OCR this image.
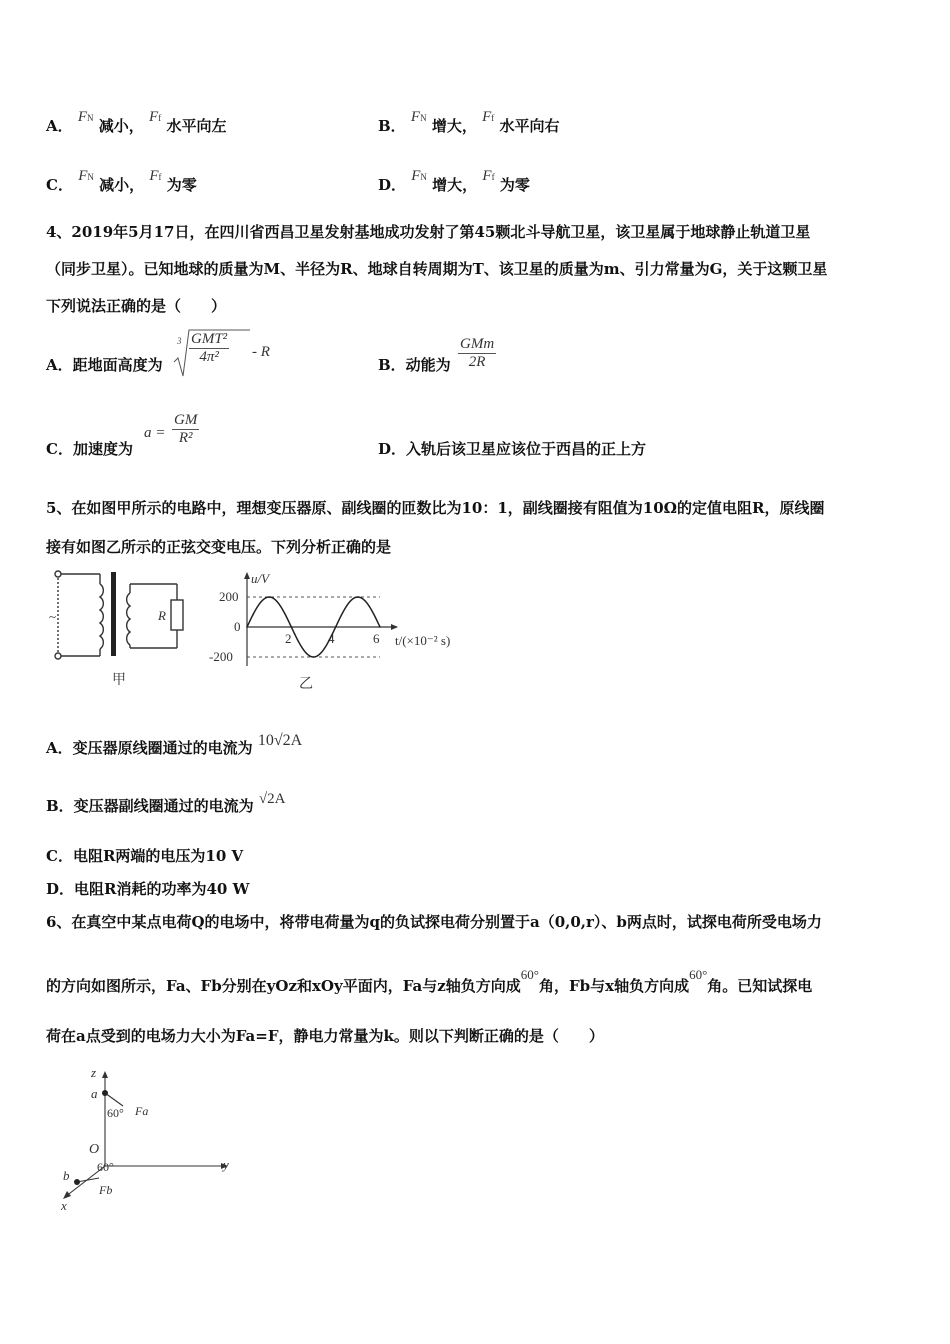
A． FN 减小， Ff 水平向左	B． FN 增大， Ff 水平向右
C． FN 减小， Ff 为零	D． FN 增大， Ff 为零
4、2019年5月17日，在四川省西昌卫星发射基地成功发射了第45颗北斗导航卫星，该卫星属于地球静止轨道卫星
（同步卫星）。已知地球的质量为M、半径为R、地球自转周期为T、该卫星的质量为m、引力常量为G，关于这颗卫星
下列说法正确的是（　　）
A．距地面高度为
3 GMT²
4π²	- R
B．动能为
GMm
2R
C．加速度为
$a = \frac{GM}{\text{R²}}$
D．入轨后该卫星应该位于西昌的正上方
5、在如图甲所示的电路中，理想变压器原、副线圈的匝数比为10：1，副线圈接有阻值为10Ω的定值电阻R，原线圈
接有如图乙所示的正弦交变电压。下列分析正确的是
~	R
甲
u/V
t/(×10⁻² s)
200
0
-200
2	4	6
乙
A．变压器原线圈通过的电流为 10√2A
B．变压器副线圈通过的电流为 √2A
C．电阻R两端的电压为10 V
D．电阻R消耗的功率为40 W
6、在真空中某点电荷Q的电场中，将带电荷量为q的负试探电荷分别置于a（0,0,r）、b两点时，试探电荷所受电场力
的方向如图所示，Fa、Fb分别在yOz和xOy平面内，Fa与z轴负方向成60°角，Fb与x轴负方向成60°角。已知试探电
荷在a点受到的电场力大小为Fa=F，静电力常量为k。则以下判断正确的是（　　）
z
a
60° Fa
O
y
60°
b
Fb
x
